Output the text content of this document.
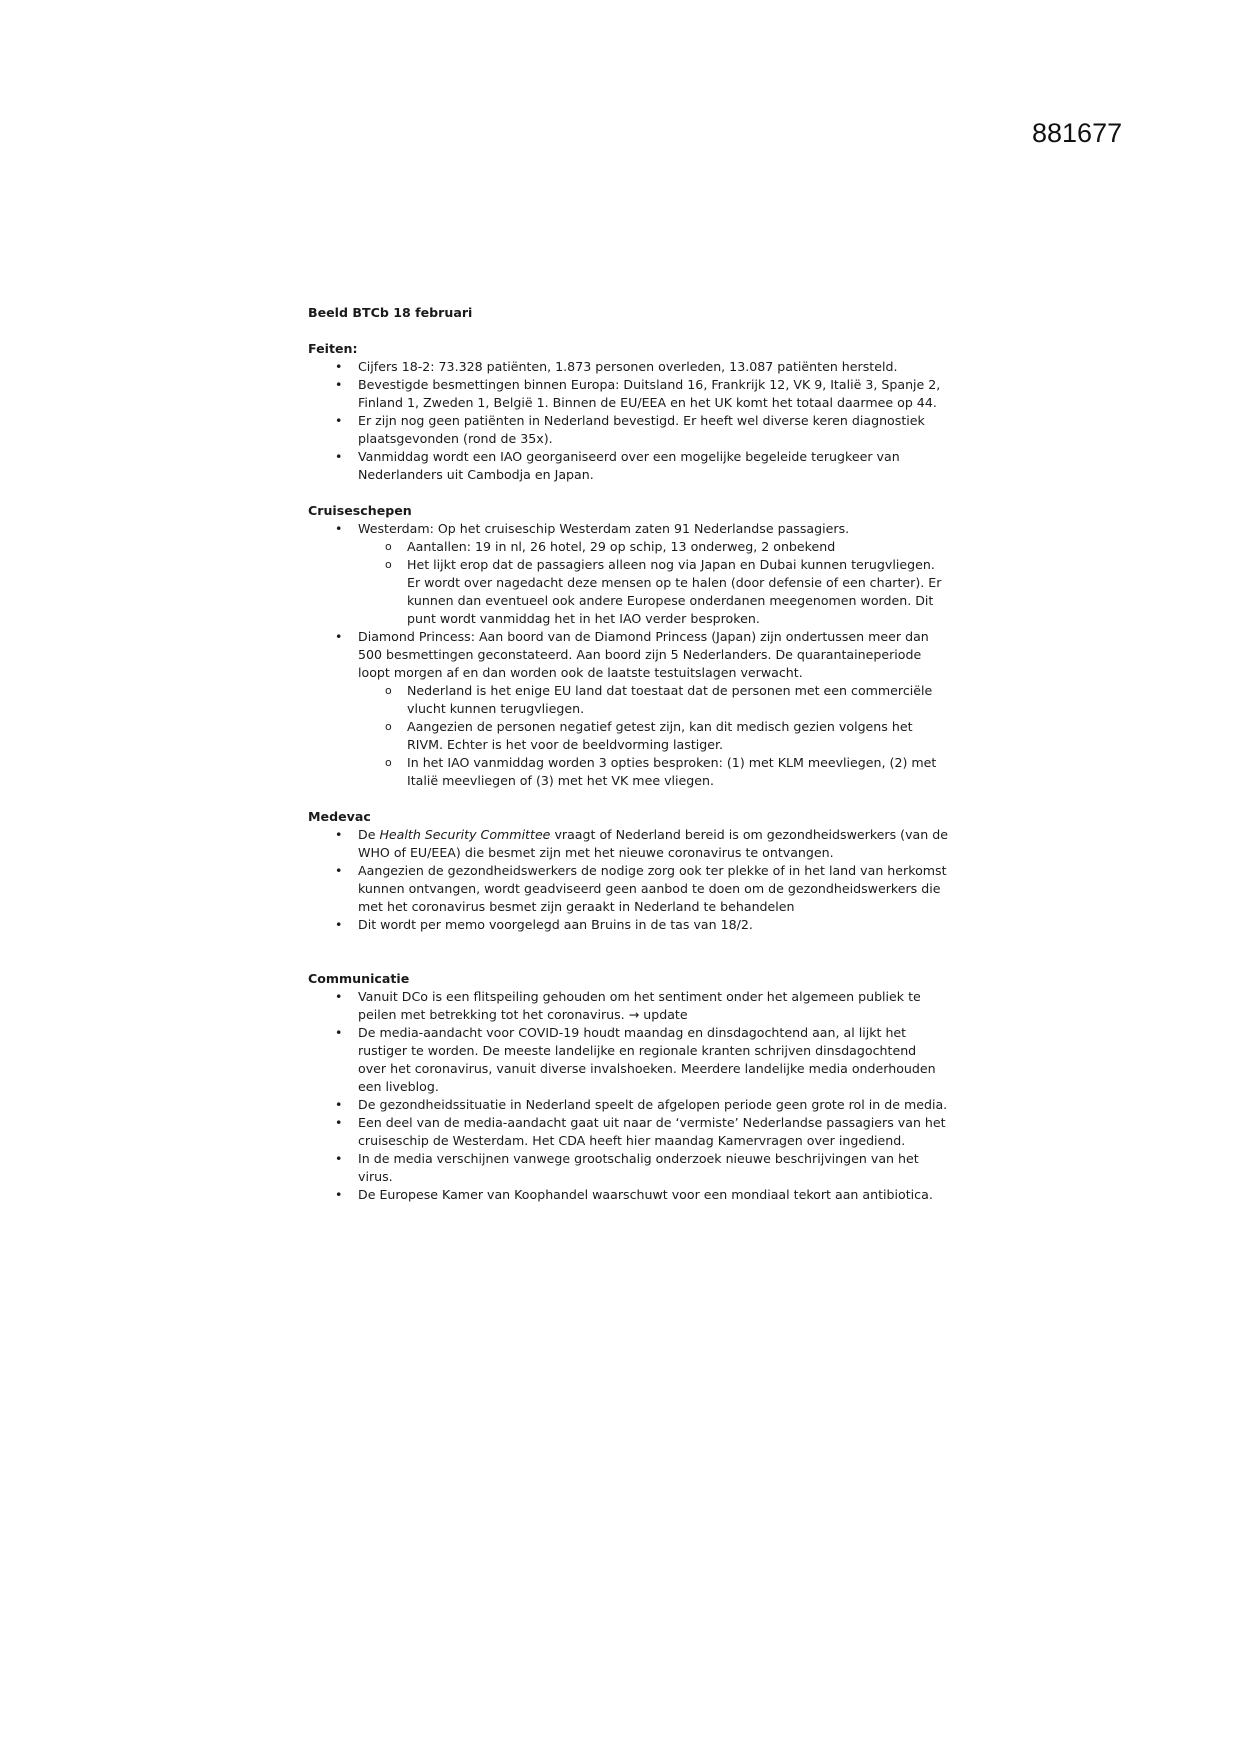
881677

Beeld BTCb 18 februari

Feiten:

• Cijfers 18-2: 73.328 patiënten, 1.873 personen overleden, 13.087 patiënten hersteld.
• Bevestigde besmettingen binnen Europa: Duitsland 16, Frankrijk 12, VK 9, Italië 3, Spanje 2, Finland 1, Zweden 1, België 1. Binnen de EU/EEA en het UK komt het totaal daarmee op 44.
• Er zijn nog geen patiënten in Nederland bevestigd. Er heeft wel diverse keren diagnostiek plaatsgevonden (rond de 35x).
• Vanmiddag wordt een IAO georganiseerd over een mogelijke begeleide terugkeer van Nederlanders uit Cambodja en Japan.

Cruiseschepen

• Westerdam: Op het cruiseschip Westerdam zaten 91 Nederlandse passagiers.
o Aantallen: 19 in nl, 26 hotel, 29 op schip, 13 onderweg, 2 onbekend
o Het lijkt erop dat de passagiers alleen nog via Japan en Dubai kunnen terugvliegen. Er wordt over nagedacht deze mensen op te halen (door defensie of een charter). Er kunnen dan eventueel ook andere Europese onderdanen meegenomen worden. Dit punt wordt vanmiddag het in het IAO verder besproken.
• Diamond Princess: Aan boord van de Diamond Princess (Japan) zijn ondertussen meer dan 500 besmettingen geconstateerd. Aan boord zijn 5 Nederlanders. De quarantaineperiode loopt morgen af en dan worden ook de laatste testuitslagen verwacht.
o Nederland is het enige EU land dat toestaat dat de personen met een commerciële vlucht kunnen terugvliegen.
o Aangezien de personen negatief getest zijn, kan dit medisch gezien volgens het RIVM. Echter is het voor de beeldvorming lastiger.
o In het IAO vanmiddag worden 3 opties besproken: (1) met KLM meevliegen, (2) met Italië meevliegen of (3) met het VK mee vliegen.

Medevac

• De Health Security Committee vraagt of Nederland bereid is om gezondheidswerkers (van de WHO of EU/EEA) die besmet zijn met het nieuwe coronavirus te ontvangen.
• Aangezien de gezondheidswerkers de nodige zorg ook ter plekke of in het land van herkomst kunnen ontvangen, wordt geadviseerd geen aanbod te doen om de gezondheidswerkers die met het coronavirus besmet zijn geraakt in Nederland te behandelen
• Dit wordt per memo voorgelegd aan Bruins in de tas van 18/2.

Communicatie

• Vanuit DCo is een flitspeiling gehouden om het sentiment onder het algemeen publiek te peilen met betrekking tot het coronavirus. → update
• De media-aandacht voor COVID-19 houdt maandag en dinsdagochtend aan, al lijkt het rustiger te worden. De meeste landelijke en regionale kranten schrijven dinsdagochtend over het coronavirus, vanuit diverse invalshoeken. Meerdere landelijke media onderhouden een liveblog.
• De gezondheidssituatie in Nederland speelt de afgelopen periode geen grote rol in de media.
• Een deel van de media-aandacht gaat uit naar de ‘vermiste’ Nederlandse passagiers van het cruiseschip de Westerdam. Het CDA heeft hier maandag Kamervragen over ingediend.
• In de media verschijnen vanwege grootschalig onderzoek nieuwe beschrijvingen van het virus.
• De Europese Kamer van Koophandel waarschuwt voor een mondiaal tekort aan antibiotica.
